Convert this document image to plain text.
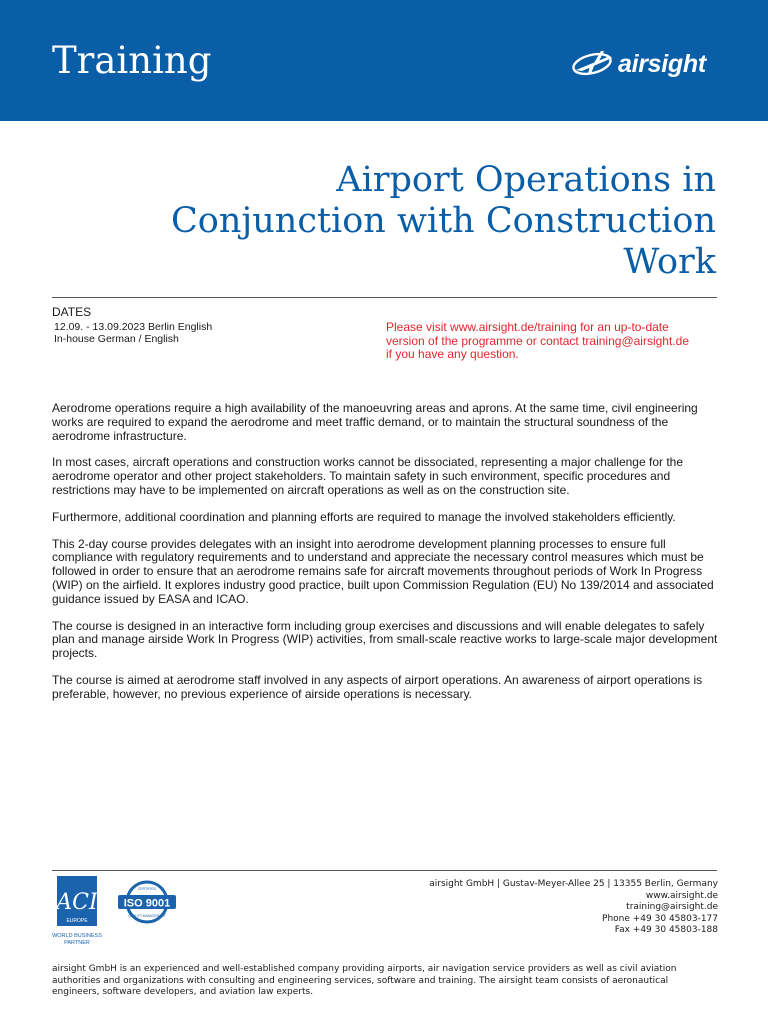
Training	airsight
Airport Operations in
Conjunction with Construction
Work
DATES
12.09. - 13.09.2023 Berlin English
In-house German / English
Please visit www.airsight.de/training for an up-to-date
version of the programme or contact training@airsight.de
if you have any question.

Aerodrome operations require a high availability of the manoeuvring areas and aprons. At the same time, civil engineering works are required to expand the aerodrome and meet traffic demand, or to maintain the structural soundness of the aerodrome infrastructure.

In most cases, aircraft operations and construction works cannot be dissociated, representing a major challenge for the aerodrome operator and other project stakeholders. To maintain safety in such environment, specific procedures and restrictions may have to be implemented on aircraft operations as well as on the construction site.

Furthermore, additional coordination and planning efforts are required to manage the involved stakeholders efficiently.

This 2-day course provides delegates with an insight into aerodrome development planning processes to ensure full compliance with regulatory requirements and to understand and appreciate the necessary control measures which must be followed in order to ensure that an aerodrome remains safe for aircraft movements throughout periods of Work In Progress (WIP) on the airfield. It explores industry good practice, built upon Commission Regulation (EU) No 139/2014 and associated guidance issued by EASA and ICAO.

The course is designed in an interactive form including group exercises and discussions and will enable delegates to safely plan and manage airside Work In Progress (WIP) activities, from small-scale reactive works to large-scale major development projects.

The course is aimed at aerodrome staff involved in any aspects of airport operations. An awareness of airport operations is preferable, however, no previous experience of airside operations is necessary.

ACI
EUROPE
WORLD BUSINESS
PARTNER
ISO 9001
CERTIFIED
QUALITY MANAGEMENT
airsight GmbH | Gustav-Meyer-Allee 25 | 13355 Berlin, Germany
www.airsight.de
training@airsight.de
Phone +49 30 45803-177
Fax +49 30 45803-188
airsight GmbH is an experienced and well-established company providing airports, air navigation service providers as well as civil aviation
authorities and organizations with consulting and engineering services, software and training. The airsight team consists of aeronautical
engineers, software developers, and aviation law experts.
